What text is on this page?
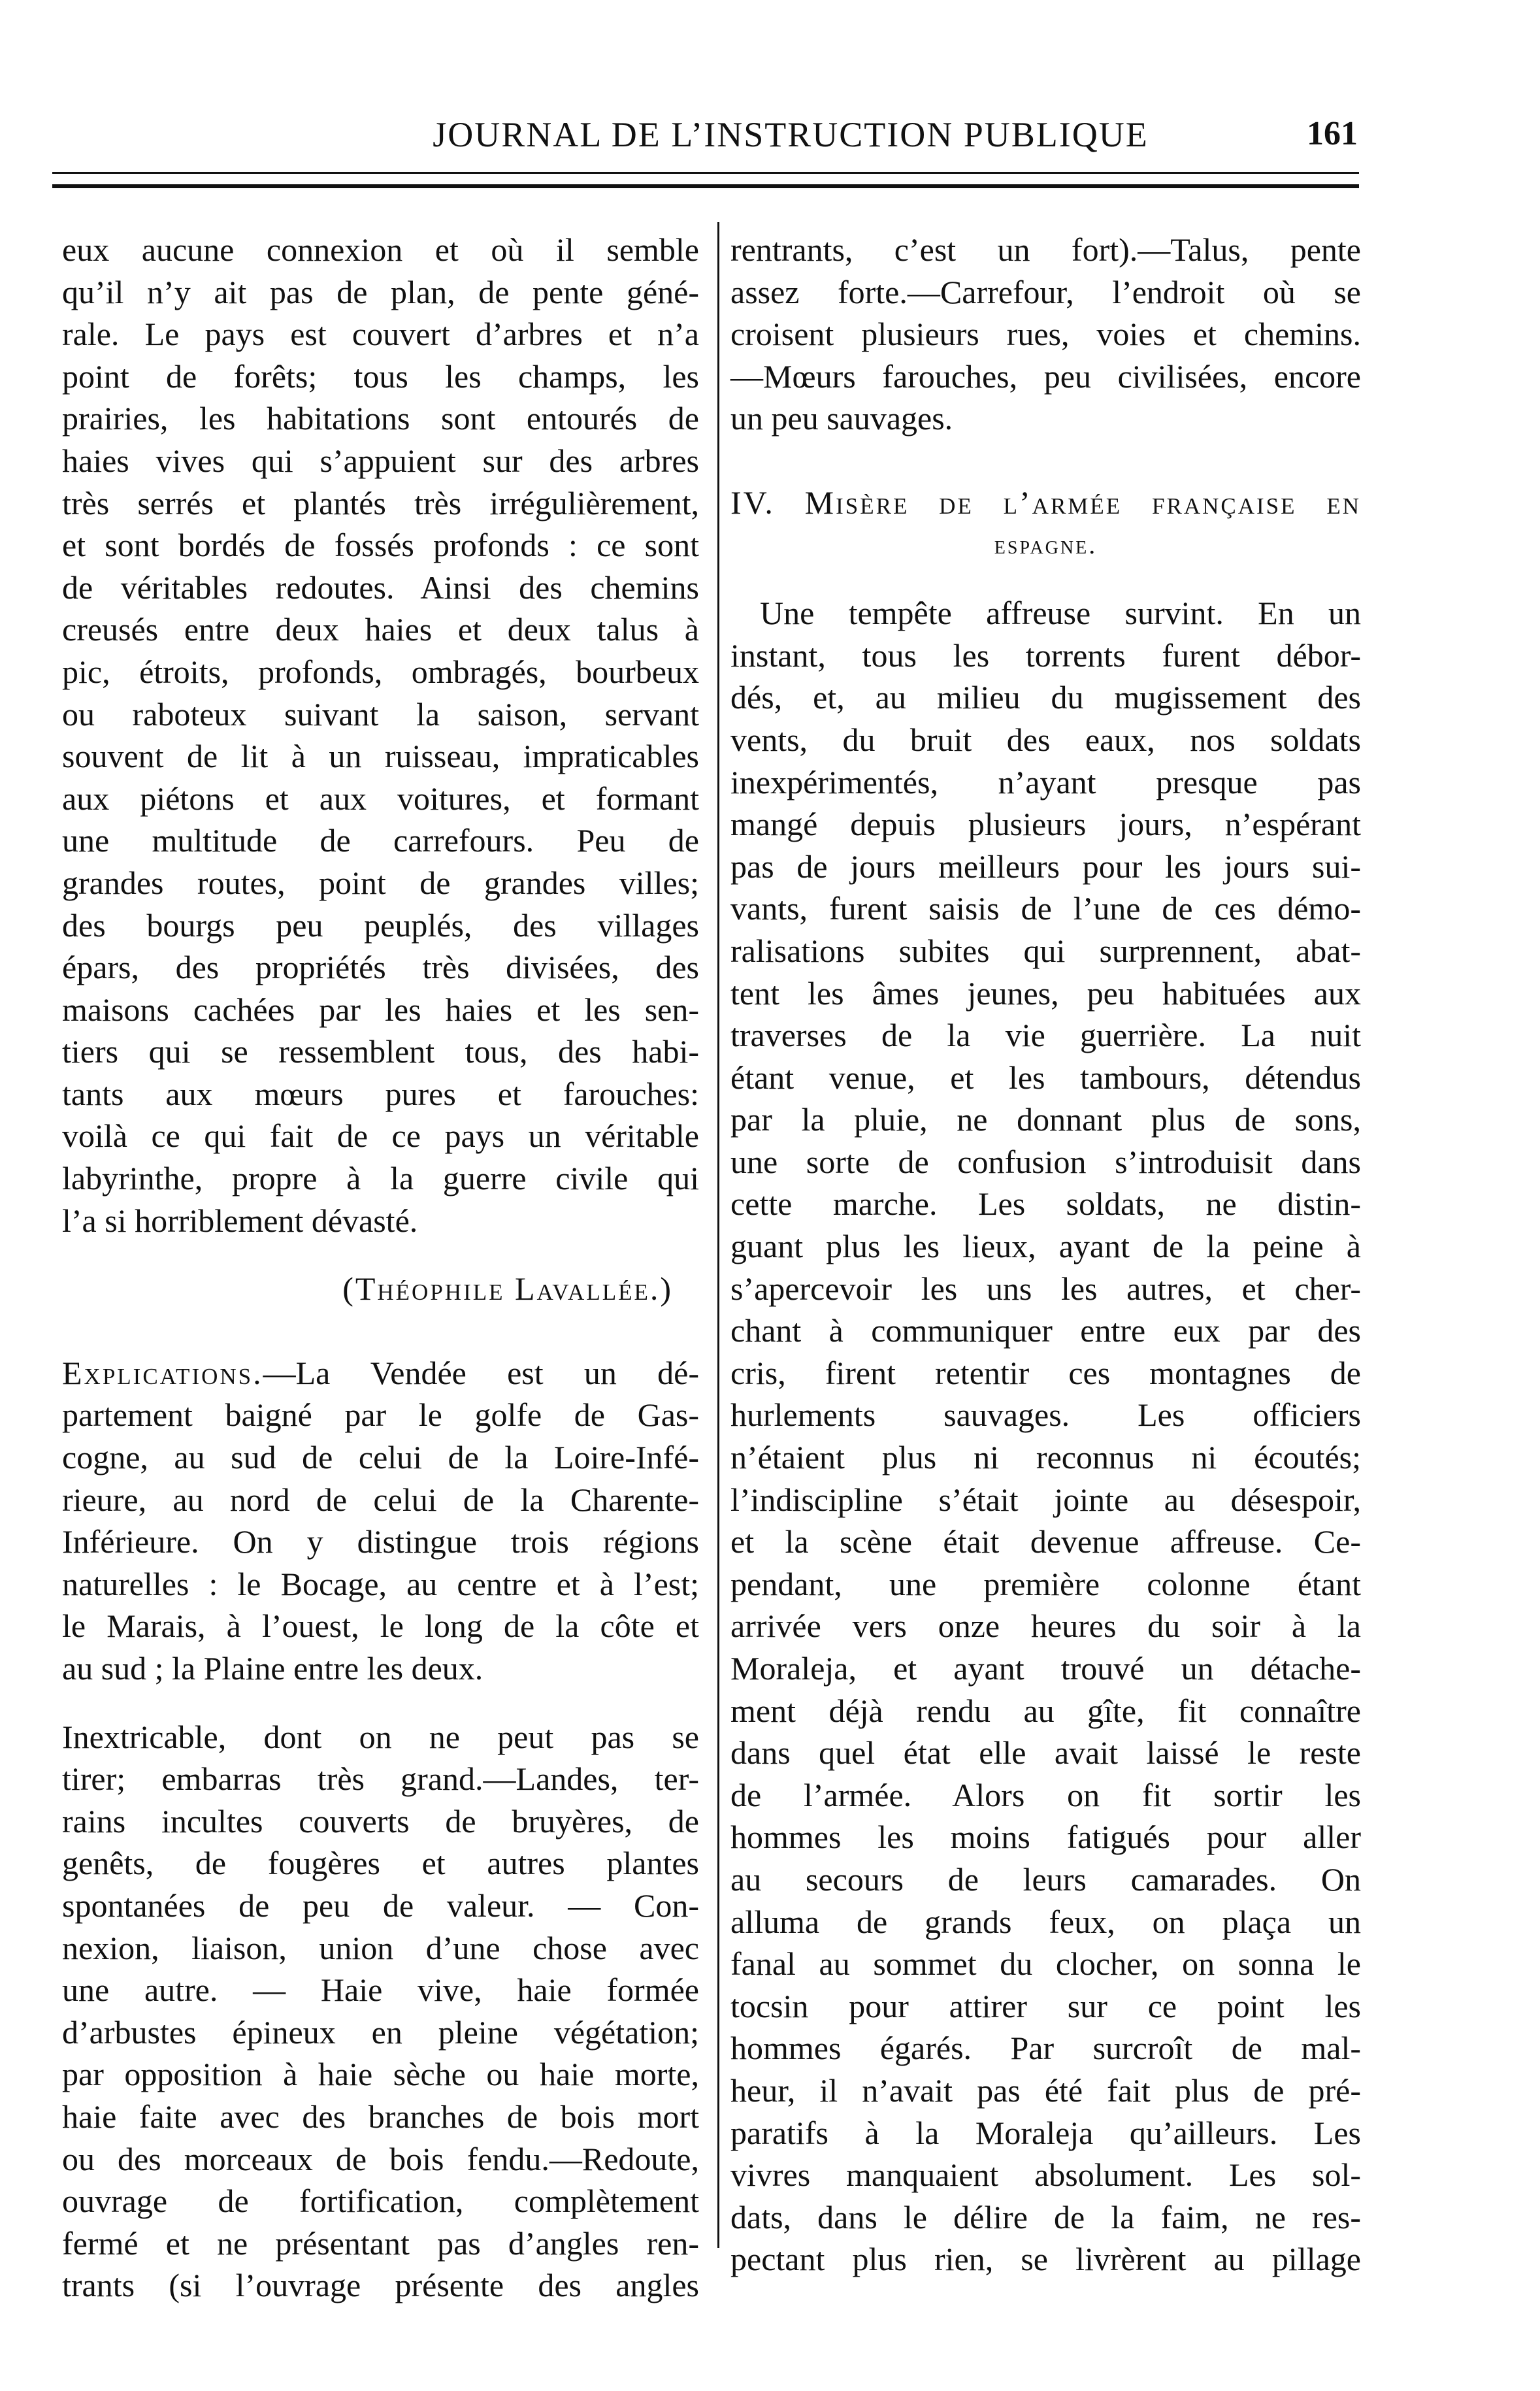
JOURNAL DE L’INSTRUCTION PUBLIQUE	161
eux aucune connexion et où il semble
qu’il n’y ait pas de plan, de pente géné-
rale. Le pays est couvert d’arbres et n’a
point de forêts; tous les champs, les
prairies, les habitations sont entourés de
haies vives qui s’appuient sur des arbres
très serrés et plantés très irrégulièrement,
et sont bordés de fossés profonds : ce sont
de véritables redoutes. Ainsi des chemins
creusés entre deux haies et deux talus à
pic, étroits, profonds, ombragés, bourbeux
ou raboteux suivant la saison, servant
souvent de lit à un ruisseau, impraticables
aux piétons et aux voitures, et formant
une multitude de carrefours. Peu de
grandes routes, point de grandes villes;
des bourgs peu peuplés, des villages
épars, des propriétés très divisées, des
maisons cachées par les haies et les sen-
tiers qui se ressemblent tous, des habi-
tants aux mœurs pures et farouches:
voilà ce qui fait de ce pays un véritable
labyrinthe, propre à la guerre civile qui
l’a si horriblement dévasté.
(Théophile Lavallée.)
Explications.—La Vendée est un dé-
partement baigné par le golfe de Gas-
cogne, au sud de celui de la Loire-Infé-
rieure, au nord de celui de la Charente-
Inférieure. On y distingue trois régions
naturelles : le Bocage, au centre et à l’est;
le Marais, à l’ouest, le long de la côte et
au sud ; la Plaine entre les deux.
Inextricable, dont on ne peut pas se
tirer; embarras très grand.—Landes, ter-
rains incultes couverts de bruyères, de
genêts, de fougères et autres plantes
spontanées de peu de valeur. — Con-
nexion, liaison, union d’une chose avec
une autre. — Haie vive, haie formée
d’arbustes épineux en pleine végétation;
par opposition à haie sèche ou haie morte,
haie faite avec des branches de bois mort
ou des morceaux de bois fendu.—Redoute,
ouvrage de fortification, complètement
fermé et ne présentant pas d’angles ren-
trants (si l’ouvrage présente des angles
rentrants, c’est un fort).—Talus, pente
assez forte.—Carrefour, l’endroit où se
croisent plusieurs rues, voies et chemins.
—Mœurs farouches, peu civilisées, encore
un peu sauvages.
IV. Misère de l’armée française en
espagne.
Une tempête affreuse survint. En un
instant, tous les torrents furent débor-
dés, et, au milieu du mugissement des
vents, du bruit des eaux, nos soldats
inexpérimentés, n’ayant presque pas
mangé depuis plusieurs jours, n’espérant
pas de jours meilleurs pour les jours sui-
vants, furent saisis de l’une de ces démo-
ralisations subites qui surprennent, abat-
tent les âmes jeunes, peu habituées aux
traverses de la vie guerrière. La nuit
étant venue, et les tambours, détendus
par la pluie, ne donnant plus de sons,
une sorte de confusion s’introduisit dans
cette marche. Les soldats, ne distin-
guant plus les lieux, ayant de la peine à
s’apercevoir les uns les autres, et cher-
chant à communiquer entre eux par des
cris, firent retentir ces montagnes de
hurlements sauvages. Les officiers
n’étaient plus ni reconnus ni écoutés;
l’indiscipline s’était jointe au désespoir,
et la scène était devenue affreuse. Ce-
pendant, une première colonne étant
arrivée vers onze heures du soir à la
Moraleja, et ayant trouvé un détache-
ment déjà rendu au gîte, fit connaître
dans quel état elle avait laissé le reste
de l’armée. Alors on fit sortir les
hommes les moins fatigués pour aller
au secours de leurs camarades. On
alluma de grands feux, on plaça un
fanal au sommet du clocher, on sonna le
tocsin pour attirer sur ce point les
hommes égarés. Par surcroît de mal-
heur, il n’avait pas été fait plus de pré-
paratifs à la Moraleja qu’ailleurs. Les
vivres manquaient absolument. Les sol-
dats, dans le délire de la faim, ne res-
pectant plus rien, se livrèrent au pillage
